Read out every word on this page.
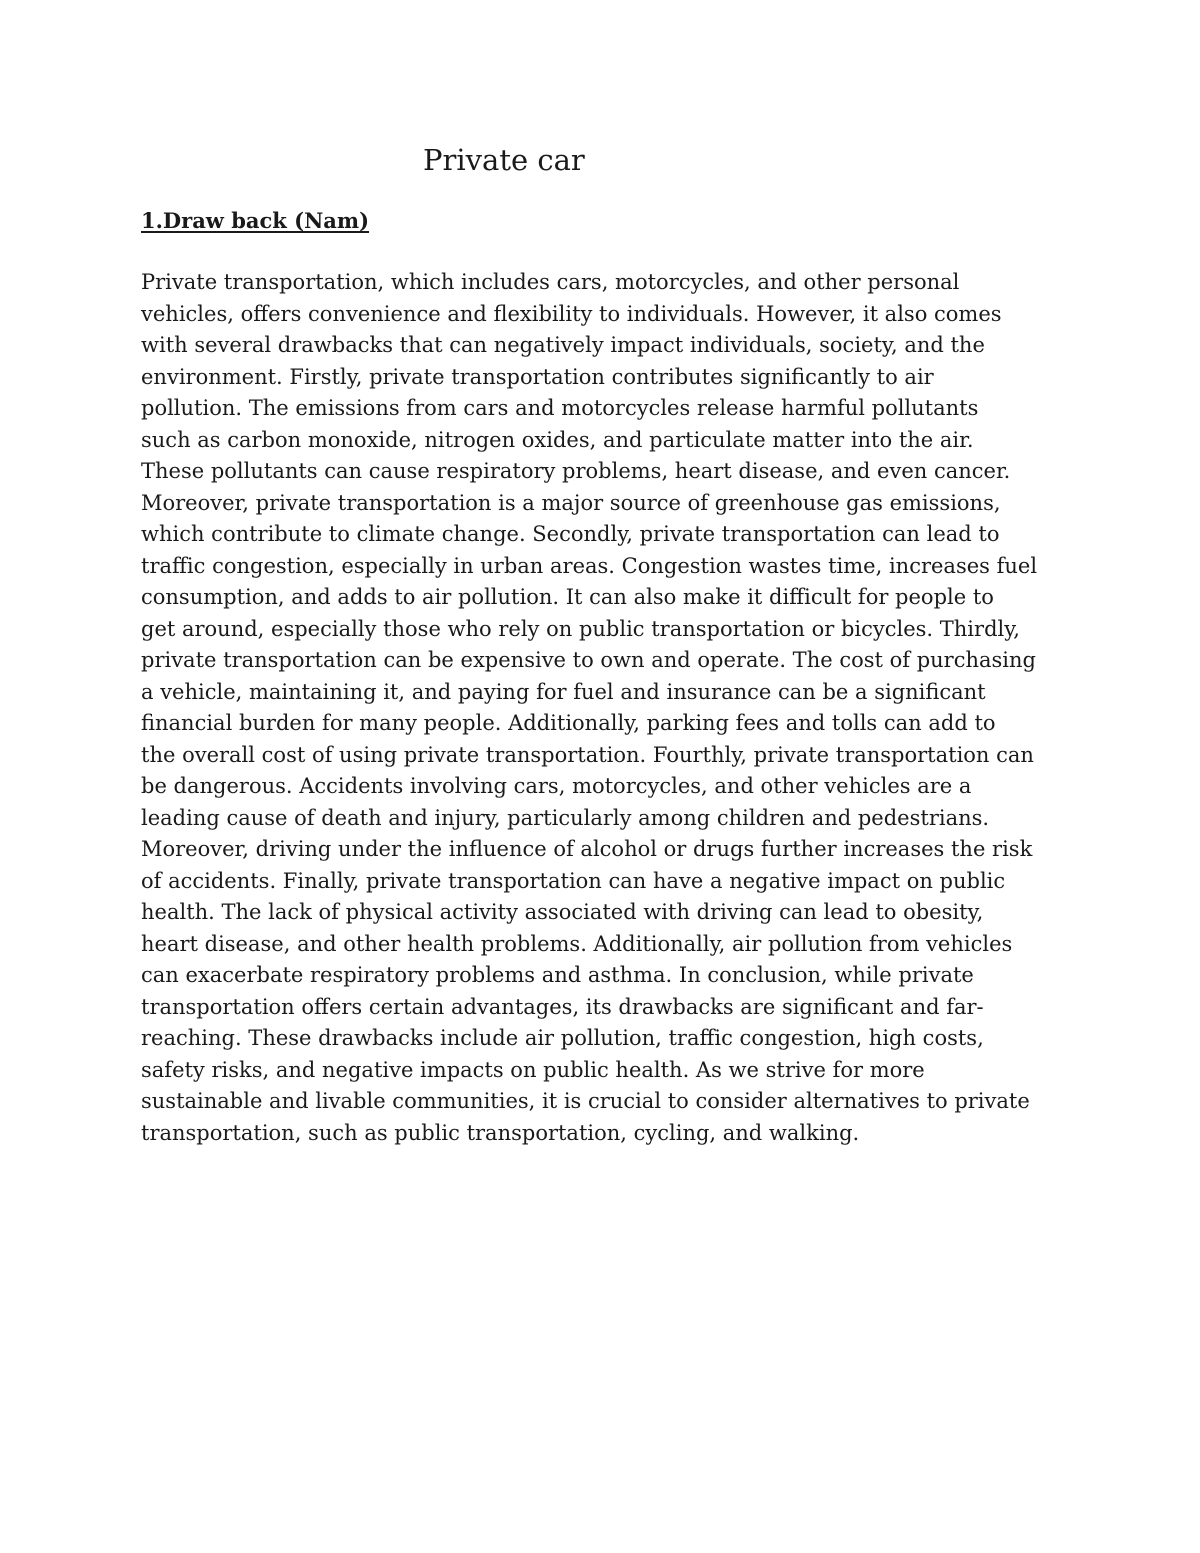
Private car
1.Draw back (Nam)
Private transportation, which includes cars, motorcycles, and other personal
vehicles, offers convenience and flexibility to individuals. However, it also comes
with several drawbacks that can negatively impact individuals, society, and the
environment. Firstly, private transportation contributes significantly to air
pollution. The emissions from cars and motorcycles release harmful pollutants
such as carbon monoxide, nitrogen oxides, and particulate matter into the air.
These pollutants can cause respiratory problems, heart disease, and even cancer.
Moreover, private transportation is a major source of greenhouse gas emissions,
which contribute to climate change. Secondly, private transportation can lead to
traffic congestion, especially in urban areas. Congestion wastes time, increases fuel
consumption, and adds to air pollution. It can also make it difficult for people to
get around, especially those who rely on public transportation or bicycles. Thirdly,
private transportation can be expensive to own and operate. The cost of purchasing
a vehicle, maintaining it, and paying for fuel and insurance can be a significant
financial burden for many people. Additionally, parking fees and tolls can add to
the overall cost of using private transportation. Fourthly, private transportation can
be dangerous. Accidents involving cars, motorcycles, and other vehicles are a
leading cause of death and injury, particularly among children and pedestrians.
Moreover, driving under the influence of alcohol or drugs further increases the risk
of accidents. Finally, private transportation can have a negative impact on public
health. The lack of physical activity associated with driving can lead to obesity,
heart disease, and other health problems. Additionally, air pollution from vehicles
can exacerbate respiratory problems and asthma. In conclusion, while private
transportation offers certain advantages, its drawbacks are significant and far-
reaching. These drawbacks include air pollution, traffic congestion, high costs,
safety risks, and negative impacts on public health. As we strive for more
sustainable and livable communities, it is crucial to consider alternatives to private
transportation, such as public transportation, cycling, and walking.
